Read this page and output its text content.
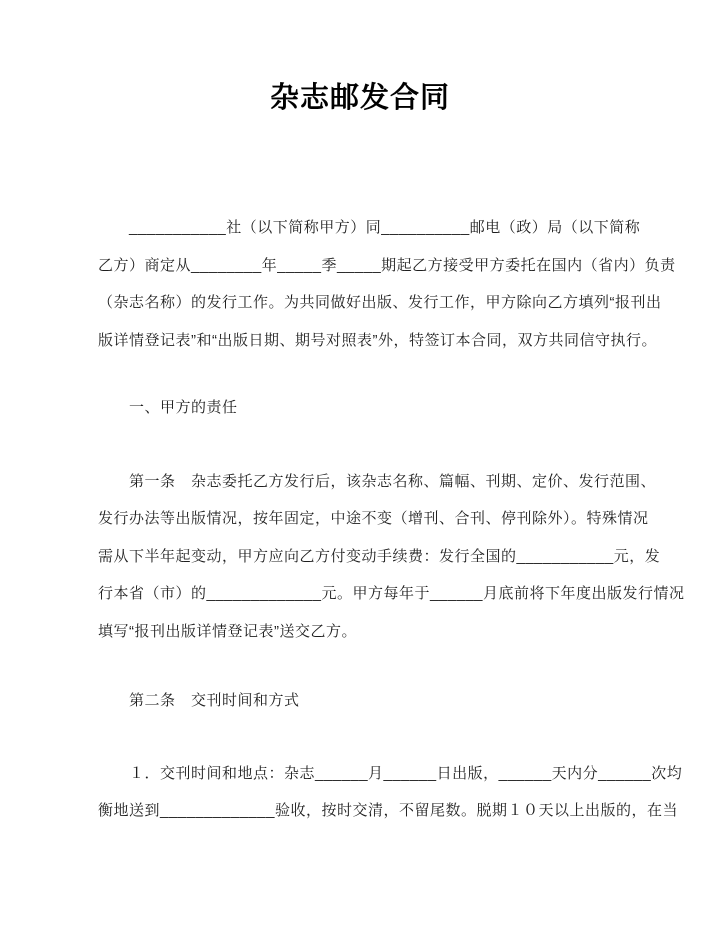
杂志邮发合同
　　___________社（以下简称甲方）同__________邮电（政）局（以下简称
乙方）商定从________年_____季_____期起乙方接受甲方委托在国内（省内）负责
（杂志名称）的发行工作。为共同做好出版、发行工作，甲方除向乙方填列“报刊出
版详情登记表”和“出版日期、期号对照表”外，特签订本合同，双方共同信守执行。
　　一、甲方的责任
　　第一条　杂志委托乙方发行后，该杂志名称、篇幅、刊期、定价、发行范围、
发行办法等出版情况，按年固定，中途不变（增刊、合刊、停刊除外）。特殊情况
需从下半年起变动，甲方应向乙方付变动手续费：发行全国的___________元，发
行本省（市）的_____________元。甲方每年于______月底前将下年度出版发行情况
填写“报刊出版详情登记表”送交乙方。
　　第二条　交刊时间和方式
　　１．交刊时间和地点：杂志______月______日出版，______天内分______次均
衡地送到_____________验收，按时交清，不留尾数。脱期１０天以上出版的，在当
